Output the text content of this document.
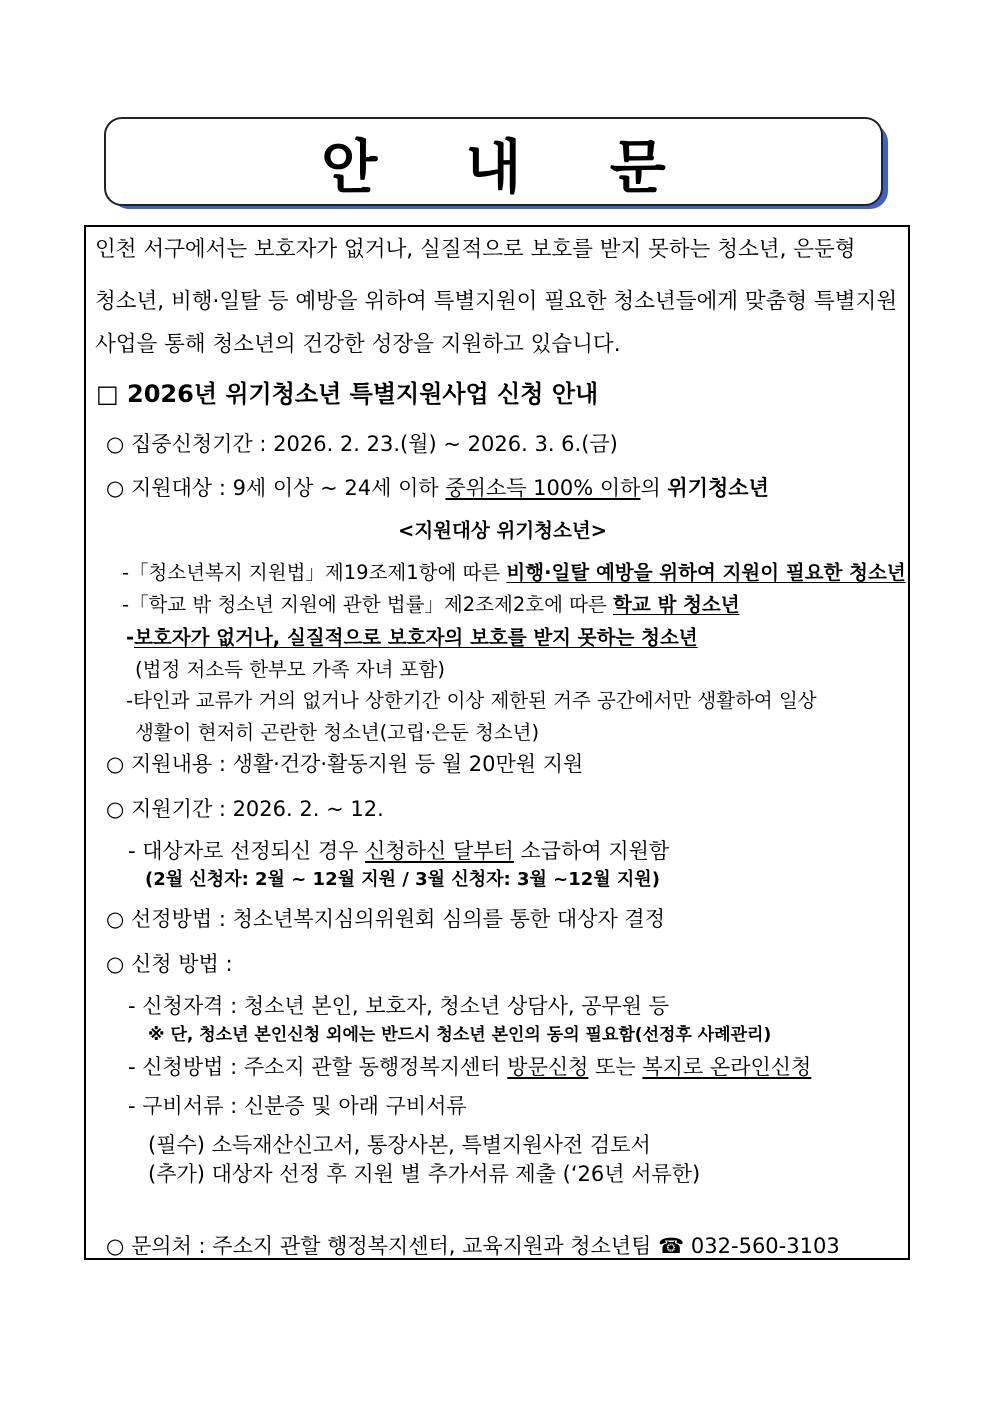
안 내 문
인천 서구에서는 보호자가 없거나, 실질적으로 보호를 받지 못하는 청소년, 은둔형
청소년, 비행·일탈 등 예방을 위하여 특별지원이 필요한 청소년들에게 맞춤형 특별지원
사업을 통해 청소년의 건강한 성장을 지원하고 있습니다.
□ 2026년 위기청소년 특별지원사업 신청 안내
○ 집중신청기간 : 2026. 2. 23.(월) ~ 2026. 3. 6.(금)
○ 지원대상 : 9세 이상 ~ 24세 이하 중위소득 100% 이하의 위기청소년
<지원대상 위기청소년>
-「청소년복지 지원법」제19조제1항에 따른 비행·일탈 예방을 위하여 지원이 필요한 청소년
-「학교 밖 청소년 지원에 관한 법률」제2조제2호에 따른 학교 밖 청소년
-보호자가 없거나, 실질적으로 보호자의 보호를 받지 못하는 청소년
(법정 저소득 한부모 가족 자녀 포함)
-타인과 교류가 거의 없거나 상한기간 이상 제한된 거주 공간에서만 생활하여 일상
생활이 현저히 곤란한 청소년(고립·은둔 청소년)
○ 지원내용 : 생활·건강·활동지원 등 월 20만원 지원
○ 지원기간 : 2026. 2. ~ 12.
- 대상자로 선정되신 경우 신청하신 달부터 소급하여 지원함
(2월 신청자: 2월 ~ 12월 지원 / 3월 신청자: 3월 ~12월 지원)
○ 선정방법 : 청소년복지심의위원회 심의를 통한 대상자 결정
○ 신청 방법 :
- 신청자격 : 청소년 본인, 보호자, 청소년 상담사, 공무원 등
※ 단, 청소년 본인신청 외에는 반드시 청소년 본인의 동의 필요함(선정후 사례관리)
- 신청방법 : 주소지 관할 동행정복지센터 방문신청 또는 복지로 온라인신청
- 구비서류 : 신분증 및 아래 구비서류
(필수) 소득재산신고서, 통장사본, 특별지원사전 검토서
(추가) 대상자 선정 후 지원 별 추가서류 제출 (‘26년 서류한)
○ 문의처 : 주소지 관할 행정복지센터, 교육지원과 청소년팀 ☎ 032-560-3103
